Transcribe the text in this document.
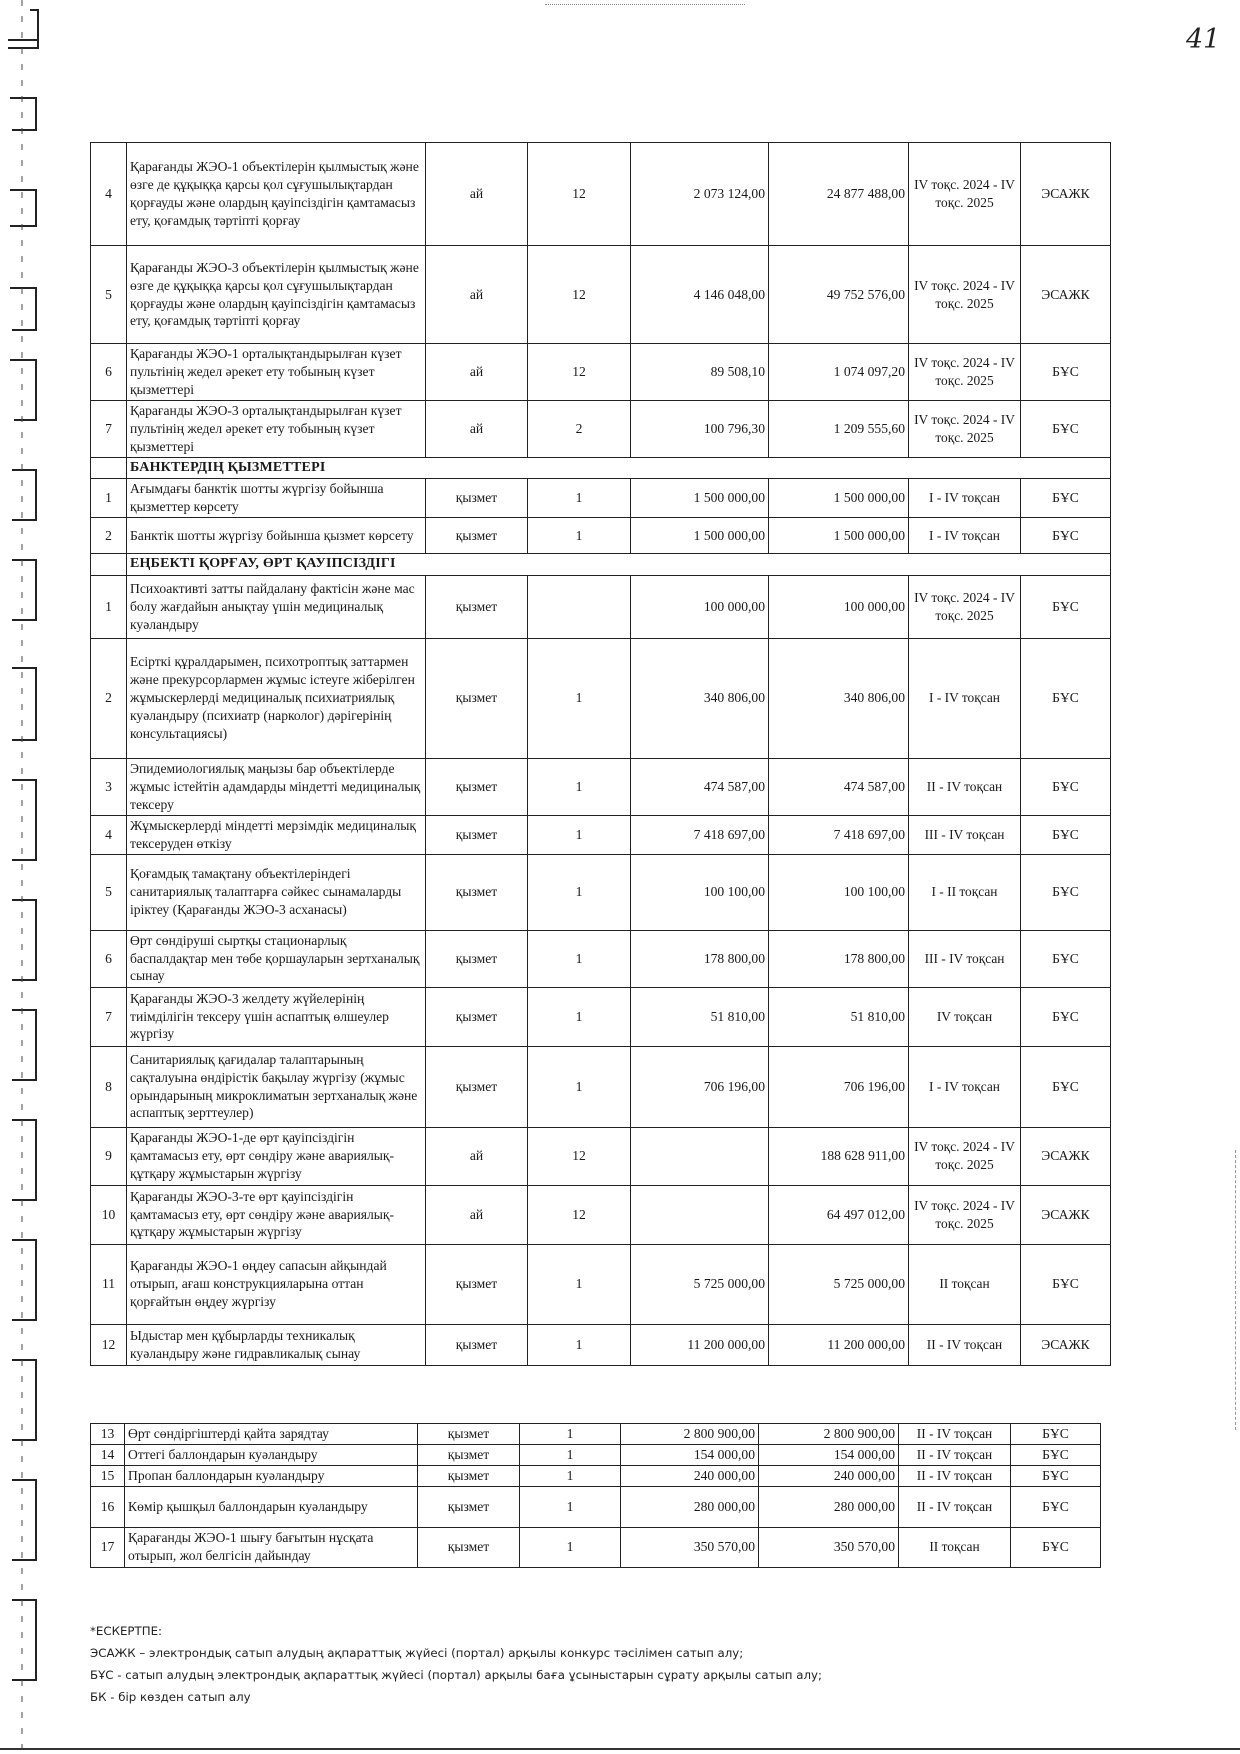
41
4	Қарағанды ЖЭО-1 объектілерін қылмыстық және өзге де құқыққа қарсы қол сұғушылықтардан қорғауды және олардың қауіпсіздігін қамтамасыз ету, қоғамдық тәртіпті қорғау	ай	12	2 073 124,00	24 877 488,00	IV тоқс. 2024 - IV тоқс. 2025	ЭСАЖК
5	Қарағанды ЖЭО-3 объектілерін қылмыстық және өзге де құқыққа қарсы қол сұғушылықтардан қорғауды және олардың қауіпсіздігін қамтамасыз ету, қоғамдық тәртіпті қорғау	ай	12	4 146 048,00	49 752 576,00	IV тоқс. 2024 - IV тоқс. 2025	ЭСАЖК
6	Қарағанды ЖЭО-1 орталықтандырылған күзет пультінің жедел әрекет ету тобының күзет қызметтері	ай	12	89 508,10	1 074 097,20	IV тоқс. 2024 - IV тоқс. 2025	БҰС
7	Қарағанды ЖЭО-3 орталықтандырылған күзет пультінің жедел әрекет ету тобының күзет қызметтері	ай	2	100 796,30	1 209 555,60	IV тоқс. 2024 - IV тоқс. 2025	БҰС
	БАНКТЕРДІҢ ҚЫЗМЕТТЕРІ						
1	Ағымдағы банктік шотты жүргізу бойынша қызметтер көрсету	қызмет	1	1 500 000,00	1 500 000,00	I - IV тоқсан	БҰС
2	Банктік шотты жүргізу бойынша қызмет көрсету	қызмет	1	1 500 000,00	1 500 000,00	I - IV тоқсан	БҰС
	ЕҢБЕКТІ ҚОРҒАУ, ӨРТ ҚАУІПСІЗДІГІ						
1	Психоактивті затты пайдалану фактісін және мас болу жағдайын анықтау үшін медициналық куәландыру	қызмет		100 000,00	100 000,00	IV тоқс. 2024 - IV тоқс. 2025	БҰС
2	Есірткі құралдарымен, психотроптық заттармен және прекурсорлармен жұмыс істеуге жіберілген жұмыскерлерді медициналық психиатриялық куәландыру (психиатр (нарколог) дәрігерінің консультациясы)	қызмет	1	340 806,00	340 806,00	I - IV тоқсан	БҰС
3	Эпидемиологиялық маңызы бар объектілерде жұмыс істейтін адамдарды міндетті медициналық тексеру	қызмет	1	474 587,00	474 587,00	II - IV тоқсан	БҰС
4	Жұмыскерлерді міндетті мерзімдік медициналық тексеруден өткізу	қызмет	1	7 418 697,00	7 418 697,00	III - IV тоқсан	БҰС
5	Қоғамдық тамақтану объектілеріндегі санитариялық талаптарға сәйкес сынамаларды іріктеу (Қарағанды ЖЭО-3 асханасы)	қызмет	1	100 100,00	100 100,00	I - II тоқсан	БҰС
6	Өрт сөндіруші сыртқы стационарлық баспалдақтар мен төбе қоршауларын зертханалық сынау	қызмет	1	178 800,00	178 800,00	III - IV тоқсан	БҰС
7	Қарағанды ЖЭО-3 желдету жүйелерінің тиімділігін тексеру үшін аспаптық өлшеулер жүргізу	қызмет	1	51 810,00	51 810,00	IV тоқсан	БҰС
8	Санитариялық қағидалар талаптарының сақталуына өндірістік бақылау жүргізу (жұмыс орындарының микроклиматын зертханалық және аспаптық зерттеулер)	қызмет	1	706 196,00	706 196,00	I - IV тоқсан	БҰС
9	Қарағанды ЖЭО-1-де өрт қауіпсіздігін қамтамасыз ету, өрт сөндіру және авариялық-құтқару жұмыстарын жүргізу	ай	12		188 628 911,00	IV тоқс. 2024 - IV тоқс. 2025	ЭСАЖК
10	Қарағанды ЖЭО-3-те өрт қауіпсіздігін қамтамасыз ету, өрт сөндіру және авариялық-құтқару жұмыстарын жүргізу	ай	12		64 497 012,00	IV тоқс. 2024 - IV тоқс. 2025	ЭСАЖК
11	Қарағанды ЖЭО-1 өңдеу сапасын айқындай отырып, ағаш конструкцияларына оттан қорғайтын өңдеу жүргізу	қызмет	1	5 725 000,00	5 725 000,00	II тоқсан	БҰС
12	Ыдыстар мен құбырларды техникалық куәландыру және гидравликалық сынау	қызмет	1	11 200 000,00	11 200 000,00	II - IV тоқсан	ЭСАЖК
13	Өрт сөндіргіштерді қайта зарядтау	қызмет	1	2 800 900,00	2 800 900,00	II - IV тоқсан	БҰС
14	Оттегі баллондарын куәландыру	қызмет	1	154 000,00	154 000,00	II - IV тоқсан	БҰС
15	Пропан баллондарын куәландыру	қызмет	1	240 000,00	240 000,00	II - IV тоқсан	БҰС
16	Көмір қышқыл баллондарын куәландыру	қызмет	1	280 000,00	280 000,00	II - IV тоқсан	БҰС
17	Қарағанды ЖЭО-1 шығу бағытын нұсқата отырып, жол белгісін дайындау	қызмет	1	350 570,00	350 570,00	II тоқсан	БҰС
*ЕСКЕРТПЕ:
ЭСАЖК – электрондық сатып алудың ақпараттық жүйесі (портал) арқылы конкурс тәсілімен сатып алу;
БҰС - сатып алудың электрондық ақпараттық жүйесі (портал) арқылы баға ұсыныстарын сұрату арқылы сатып алу;
БК - бір көзден сатып алу
